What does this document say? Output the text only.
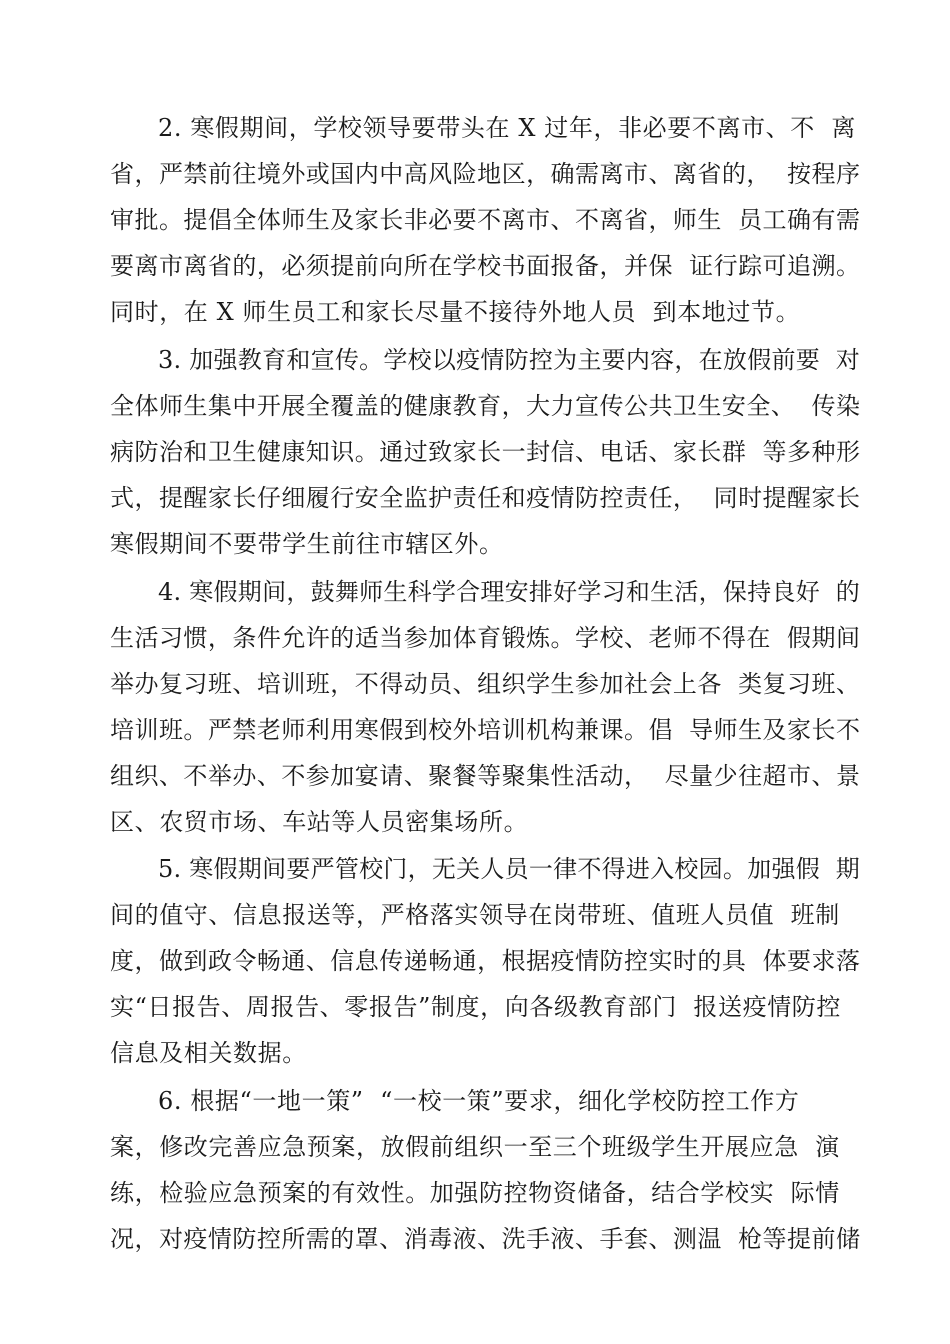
2. 寒假期间，学校领导要带头在 X 过年，非必要不离市、不  离
省，严禁前往境外或国内中高风险地区，确需离市、离省的，  按程序
审批。提倡全体师生及家长非必要不离市、不离省，师生  员工确有需
要离市离省的，必须提前向所在学校书面报备，并保  证行踪可追溯。
同时，在 X 师生员工和家长尽量不接待外地人员  到本地过节。
3. 加强教育和宣传。学校以疫情防控为主要内容，在放假前要  对
全体师生集中开展全覆盖的健康教育，大力宣传公共卫生安全、  传染
病防治和卫生健康知识。通过致家长一封信、电话、家长群  等多种形
式，提醒家长仔细履行安全监护责任和疫情防控责任，  同时提醒家长
寒假期间不要带学生前往市辖区外。
4. 寒假期间，鼓舞师生科学合理安排好学习和生活，保持良好  的
生活习惯，条件允许的适当参加体育锻炼。学校、老师不得在  假期间
举办复习班、培训班，不得动员、组织学生参加社会上各  类复习班、
培训班。严禁老师利用寒假到校外培训机构兼课。倡  导师生及家长不
组织、不举办、不参加宴请、聚餐等聚集性活动，  尽量少往超市、景
区、农贸市场、车站等人员密集场所。
5. 寒假期间要严管校门，无关人员一律不得进入校园。加强假  期
间的值守、信息报送等，严格落实领导在岗带班、值班人员值  班制
度，做到政令畅通、信息传递畅通，根据疫情防控实时的具  体要求落
实“日报告、周报告、零报告”制度，向各级教育部门  报送疫情防控
信息及相关数据。
6. 根据“一地一策”  “一校一策”要求，细化学校防控工作方
案，修改完善应急预案，放假前组织一至三个班级学生开展应急  演
练，检验应急预案的有效性。加强防控物资储备，结合学校实  际情
况，对疫情防控所需的罩、消毒液、洗手液、手套、测温  枪等提前储
